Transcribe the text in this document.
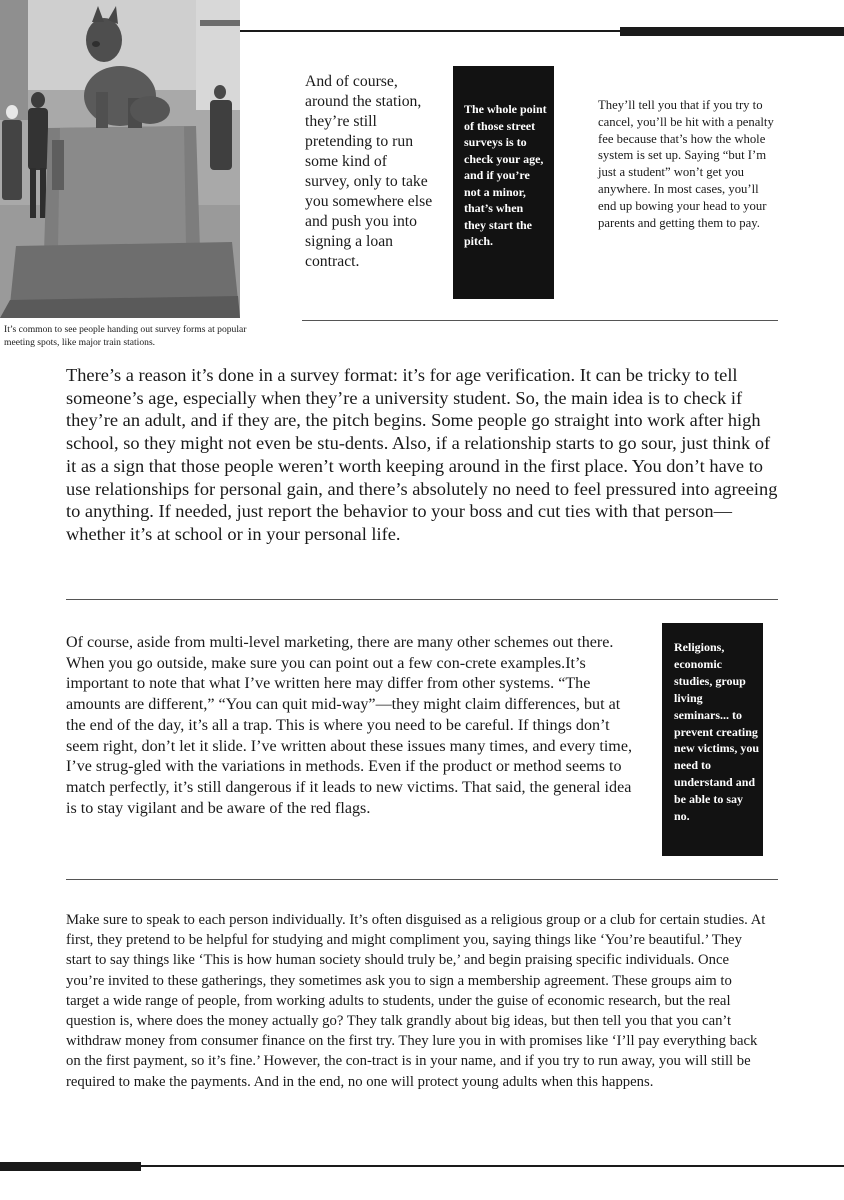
It’s common to see people handing out survey forms at popular meeting spots, like major train stations.
And of course, around the station, they’re still pretending to run some kind of survey, only to take you somewhere else and push you into signing a loan contract.
The whole point of those street surveys is to check your age, and if you’re not a minor, that’s when they start the pitch.
They’ll tell you that if you try to cancel, you’ll be hit with a penalty fee because that’s how the whole system is set up. Saying “but I’m just a student” won’t get you anywhere. In most cases, you’ll end up bowing your head to your parents and getting them to pay.
There’s a reason it’s done in a survey format: it’s for age verification. It can be tricky to tell someone’s age, especially when they’re a university student. So, the main idea is to check if they’re an adult, and if they are, the pitch begins. Some people go straight into work after high school, so they might not even be stu-dents. Also, if a relationship starts to go sour, just think of it as a sign that those people weren’t worth keeping around in the first place. You don’t have to use relationships for personal gain, and there’s absolutely no need to feel pressured into agreeing to anything. If needed, just report the behavior to your boss and cut ties with that person—whether it’s at school or in your personal life.
Of course, aside from multi-level marketing, there are many other schemes out there. When you go outside, make sure you can point out a few con-crete examples.It’s important to note that what I’ve written here may differ from other systems. “The amounts are different,” “You can quit mid-way”—they might claim differences, but at the end of the day, it’s all a trap. This is where you need to be careful. If things don’t seem right, don’t let it slide. I’ve written about these issues many times, and every time, I’ve strug-gled with the variations in methods. Even if the product or method seems to match perfectly, it’s still dangerous if it leads to new victims. That said, the general idea is to stay vigilant and be aware of the red flags.
Religions, economic studies, group living seminars... to prevent creating new victims, you need to understand and be able to say no.
Make sure to speak to each person individually. It’s often disguised as a religious group or a club for certain studies. At first, they pretend to be helpful for studying and might compliment you, saying things like ‘You’re beautiful.’ They start to say things like ‘This is how human society should truly be,’ and begin praising specific individuals. Once you’re invited to these gatherings, they sometimes ask you to sign a membership agreement. These groups aim to target a wide range of people, from working adults to students, under the guise of economic research, but the real question is, where does the money actually go? They talk grandly about big ideas, but then tell you that you can’t withdraw money from consumer finance on the first try. They lure you in with promises like ‘I’ll pay everything back on the first payment, so it’s fine.’ However, the con-tract is in your name, and if you try to run away, you will still be required to make the payments. And in the end, no one will protect young adults when this happens.
